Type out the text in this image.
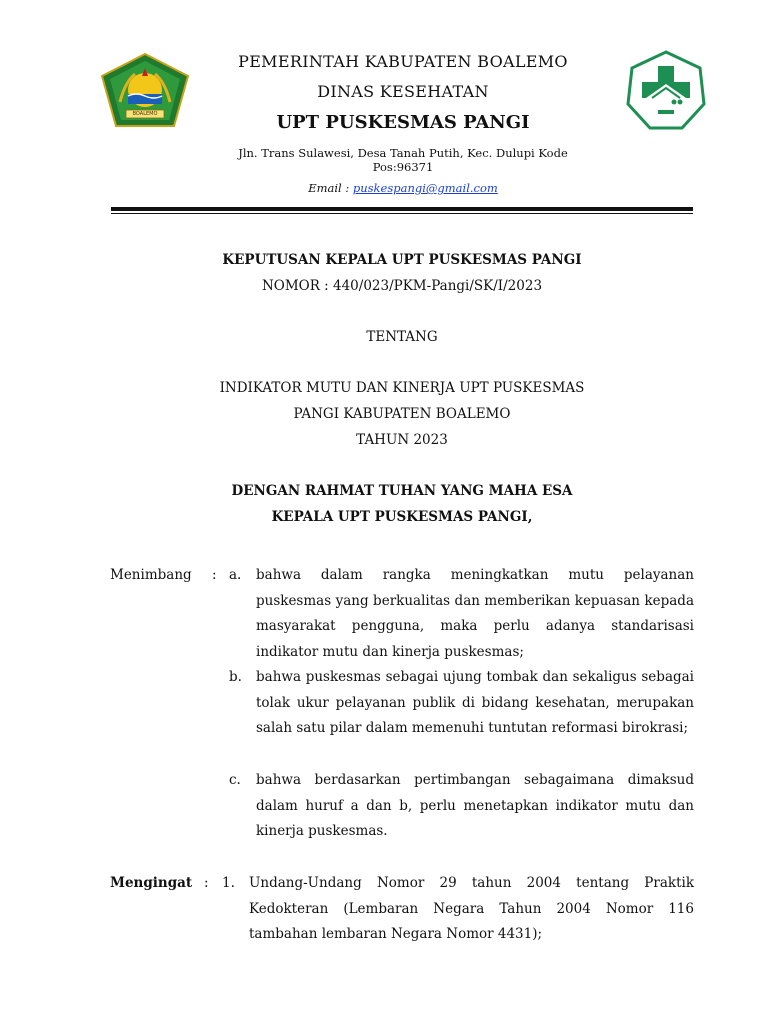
BOALEMO
PEMERINTAH KABUPATEN BOALEMO
DINAS KESEHATAN
UPT PUSKESMAS PANGI
Jln. Trans Sulawesi, Desa Tanah Putih, Kec. Dulupi Kode Pos:96371
Email : puskespangi@gmail.com
KEPUTUSAN KEPALA UPT PUSKESMAS PANGI
NOMOR : 440/023/PKM-Pangi/SK/I/2023
TENTANG
INDIKATOR MUTU DAN KINERJA UPT PUSKESMAS
PANGI KABUPATEN BOALEMO
TAHUN 2023
DENGAN RAHMAT TUHAN YANG MAHA ESA
KEPALA UPT PUSKESMAS PANGI,
Menimbang : a. bahwa dalam rangka meningkatkan mutu pelayanan puskesmas yang berkualitas dan memberikan kepuasan kepada masyarakat pengguna, maka perlu adanya standarisasi indikator mutu dan kinerja puskesmas;
b. bahwa puskesmas sebagai ujung tombak dan sekaligus sebagai tolak ukur pelayanan publik di bidang kesehatan, merupakan salah satu pilar dalam memenuhi tuntutan reformasi birokrasi;
c. bahwa berdasarkan pertimbangan sebagaimana dimaksud dalam huruf a dan b, perlu menetapkan indikator mutu dan kinerja puskesmas.
Mengingat : 1. Undang-Undang Nomor 29 tahun 2004 tentang Praktik Kedokteran (Lembaran Negara Tahun 2004 Nomor 116 tambahan lembaran Negara Nomor 4431);
